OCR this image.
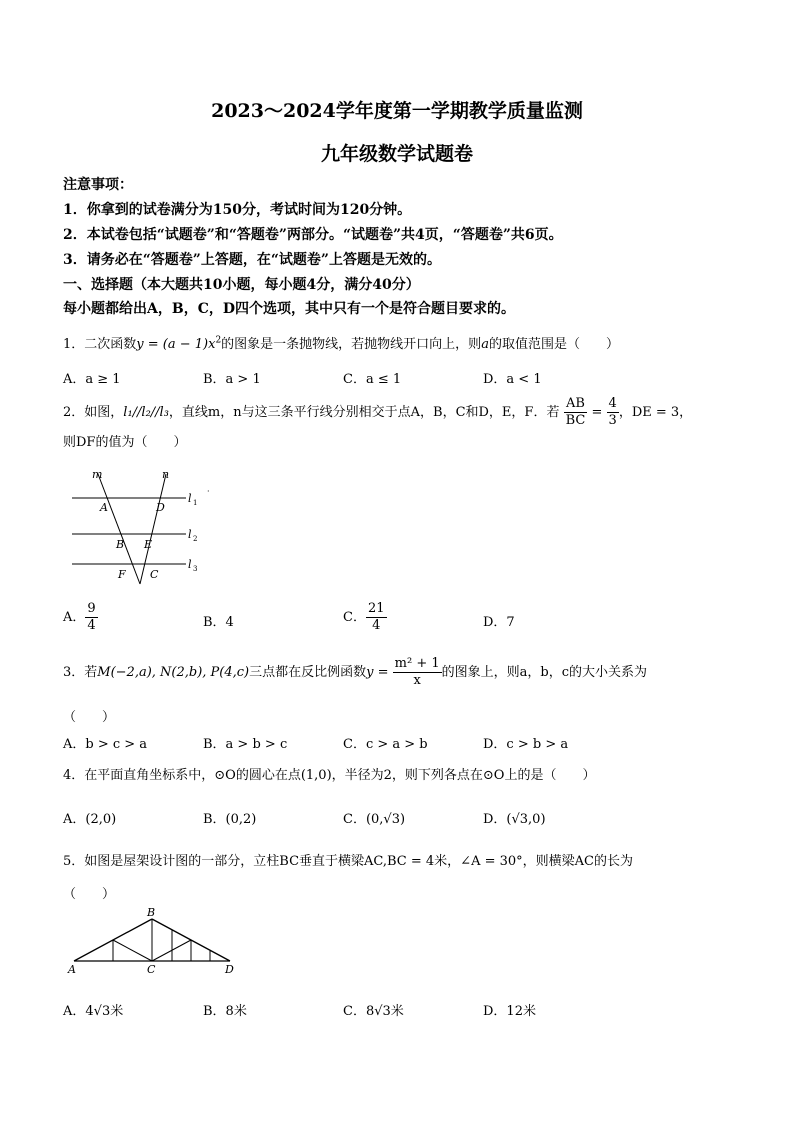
2023～2024学年度第一学期教学质量监测
九年级数学试题卷
注意事项：
1．你拿到的试卷满分为150分，考试时间为120分钟。
2．本试卷包括“试题卷”和“答题卷”两部分。“试题卷”共4页，“答题卷”共6页。
3．请务必在“答题卷”上答题，在“试题卷”上答题是无效的。
一、选择题（本大题共10小题，每小题4分，满分40分）
每小题都给出A，B，C，D四个选项，其中只有一个是符合题目要求的。
1．二次函数$y = (a - 1)x^2$的图象是一条抛物线，若抛物线开口向上，则a的取值范围是（　　）
A．a ≥ 1	B．a > 1	C．a ≤ 1	D．a < 1
2．如图，l₁//l₂//l₃，直线m，n与这三条平行线分别相交于点A，B，C和D，E，F．若 $\frac{AB}{BC} = \frac{4}{3}$ ，DE = 3，
则DF的值为（　　）
m	n
l 1
l 2
l 3
A	D
B E
F C
·
A． $\frac{9}{4}$	B．4	C． $\frac{21}{4}$	D．7
3．若M(−2,a), N(2,b), P(4,c)三点都在反比例函数$y = \frac{\text{m² + 1}}{x}$ 的图象上，则a，b，c的大小关系为
（　　）
A．b > c > a	B．a > b > c	C．c > a > b	D．c > b > a
4．在平面直角坐标系中，⊙O的圆心在点(1,0)，半径为2，则下列各点在⊙O上的是（　　）
A．(2,0)	B．(0,2)	C．(0,√3)	D．(√3,0)
5．如图是屋架设计图的一部分，立柱BC垂直于横梁AC,BC = 4米，∠A = 30°，则横梁AC的长为
（　　）
A
B
C	D
A．4√3米	B．8米	C．8√3米	D．12米
